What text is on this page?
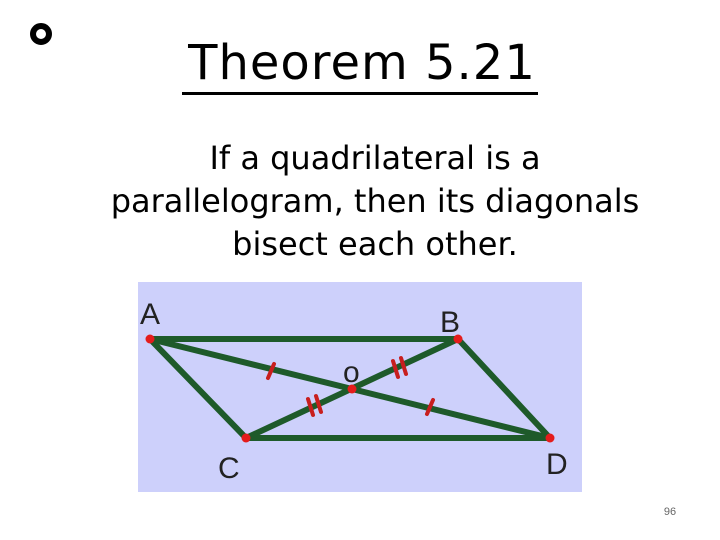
Theorem 5.21
If a quadrilateral is a
parallelogram, then its diagonals
bisect each other.
A	B
C	D
o
96
